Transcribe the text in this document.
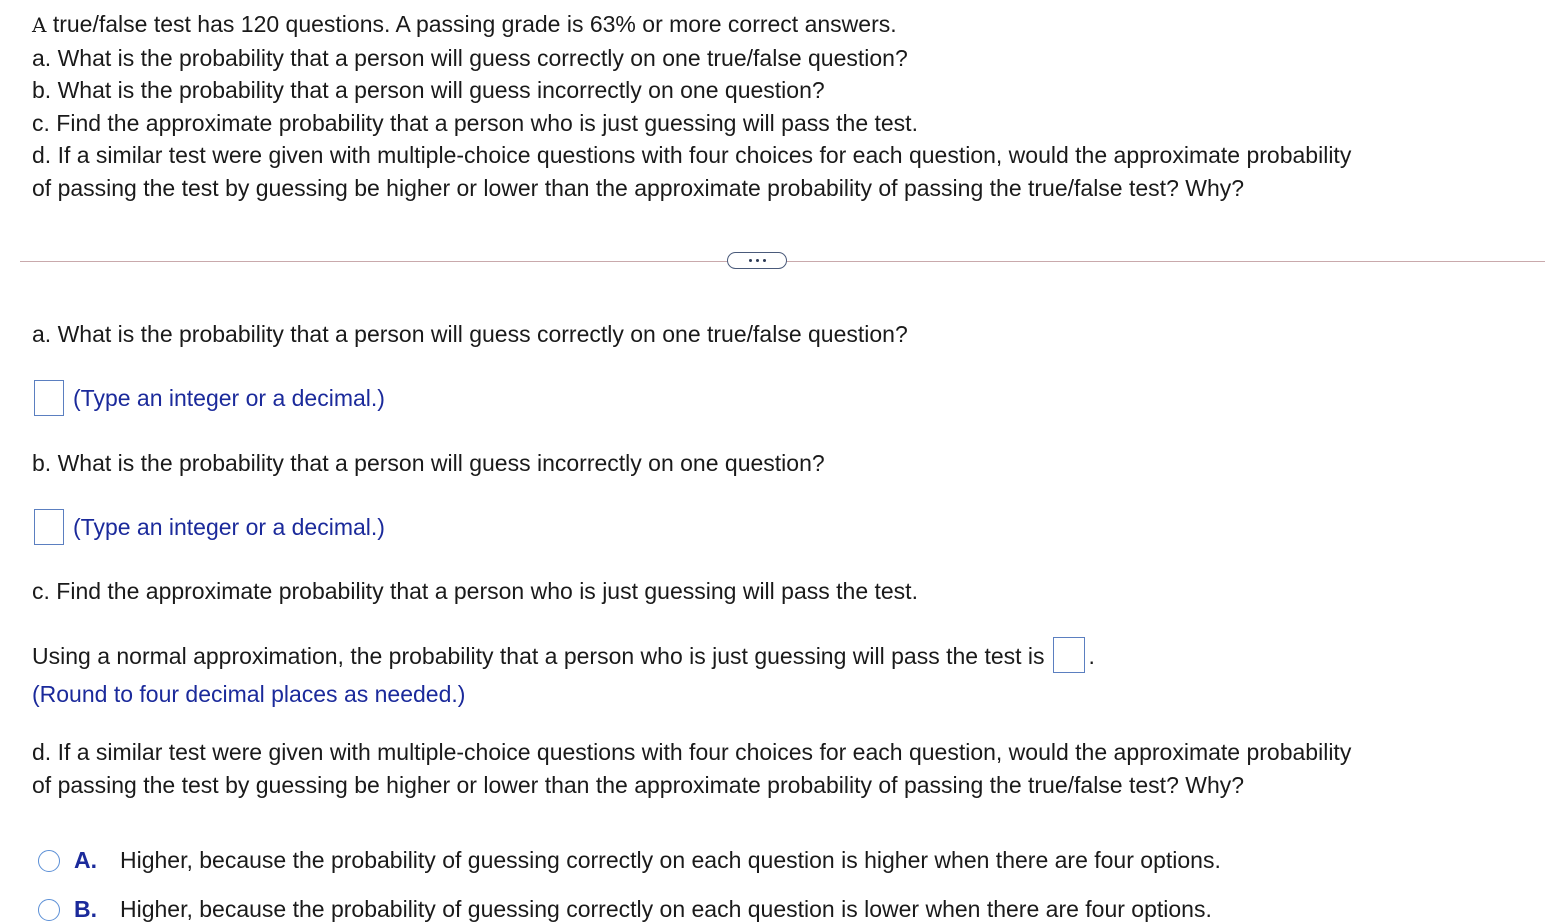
A true/false test has 120 questions. A passing grade is 63% or more correct answers.
a. What is the probability that a person will guess correctly on one true/false question?
b. What is the probability that a person will guess incorrectly on one question?
c. Find the approximate probability that a person who is just guessing will pass the test.
d. If a similar test were given with multiple-choice questions with four choices for each question, would the approximate probability
of passing the test by guessing be higher or lower than the approximate probability of passing the true/false test? Why?
a. What is the probability that a person will guess correctly on one true/false question?
(Type an integer or a decimal.)
b. What is the probability that a person will guess incorrectly on one question?
(Type an integer or a decimal.)
c. Find the approximate probability that a person who is just guessing will pass the test.
Using a normal approximation, the probability that a person who is just guessing will pass the test is .
(Round to four decimal places as needed.)
d. If a similar test were given with multiple-choice questions with four choices for each question, would the approximate probability
of passing the test by guessing be higher or lower than the approximate probability of passing the true/false test? Why?
A.	Higher, because the probability of guessing correctly on each question is higher when there are four options.
B.	Higher, because the probability of guessing correctly on each question is lower when there are four options.
